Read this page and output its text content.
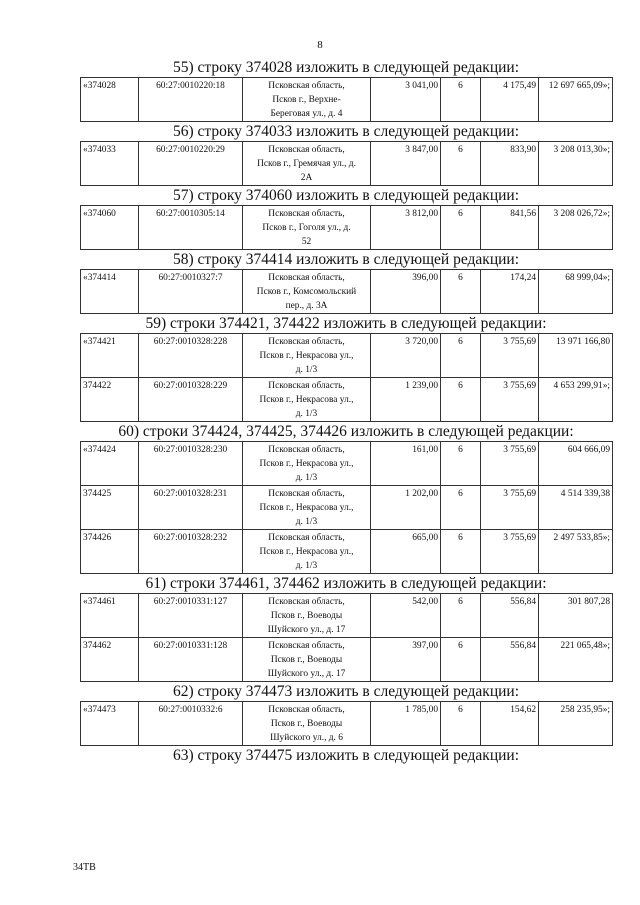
8
55) строку 374028 изложить в следующей редакции:
«374028	60:27:0010220:18	Псковская область,
Псков г., Верхне-
Береговая ул., д. 4
	3 041,00	6	4 175,49	12 697 665,09»;
56) строку 374033 изложить в следующей редакции:
«374033	60:27:0010220:29	Псковская область,
Псков г., Гремячая ул., д.
2А
	3 847,00	6	833,90	3 208 013,30»;
57) строку 374060 изложить в следующей редакции:
«374060	60:27:0010305:14	Псковская область,
Псков г., Гоголя ул., д.
52
	3 812,00	6	841,56	3 208 026,72»;
58) строку 374414 изложить в следующей редакции:
«374414	60:27:0010327:7	Псковская область,
Псков г., Комсомольский
пер., д. 3А
	396,00	6	174,24	68 999,04»;
59) строки 374421, 374422 изложить в следующей редакции:
«374421	60:27:0010328:228	Псковская область,
Псков г., Некрасова ул.,
д. 1/3	3 720,00	6	3 755,69	13 971 166,80
374422	60:27:0010328:229	Псковская область,
Псков г., Некрасова ул.,
д. 1/3	1 239,00	6	3 755,69	4 653 299,91»;
60) строки 374424, 374425, 374426 изложить в следующей редакции:
«374424	60:27:0010328:230	Псковская область,
Псков г., Некрасова ул.,
д. 1/3	161,00	6	3 755,69	604 666,09
374425	60:27:0010328:231	Псковская область,
Псков г., Некрасова ул.,
д. 1/3	1 202,00	6	3 755,69	4 514 339,38
374426	60:27:0010328:232	Псковская область,
Псков г., Некрасова ул.,
д. 1/3	665,00	6	3 755,69	2 497 533,85»;
61) строки 374461, 374462 изложить в следующей редакции:
«374461	60:27:0010331:127	Псковская область,
Псков г., Воеводы
Шуйского ул., д. 17	542,00	6	556,84	301 807,28
374462	60:27:0010331:128	Псковская область,
Псков г., Воеводы
Шуйского ул., д. 17	397,00	6	556,84	221 065,48»;
62) строку 374473 изложить в следующей редакции:
«374473	60:27:0010332:6	Псковская область,
Псков г., Воеводы
Шуйского ул., д. 6
	1 785,00	6	154,62	258 235,95»;
63) строку 374475 изложить в следующей редакции:
34ТВ
